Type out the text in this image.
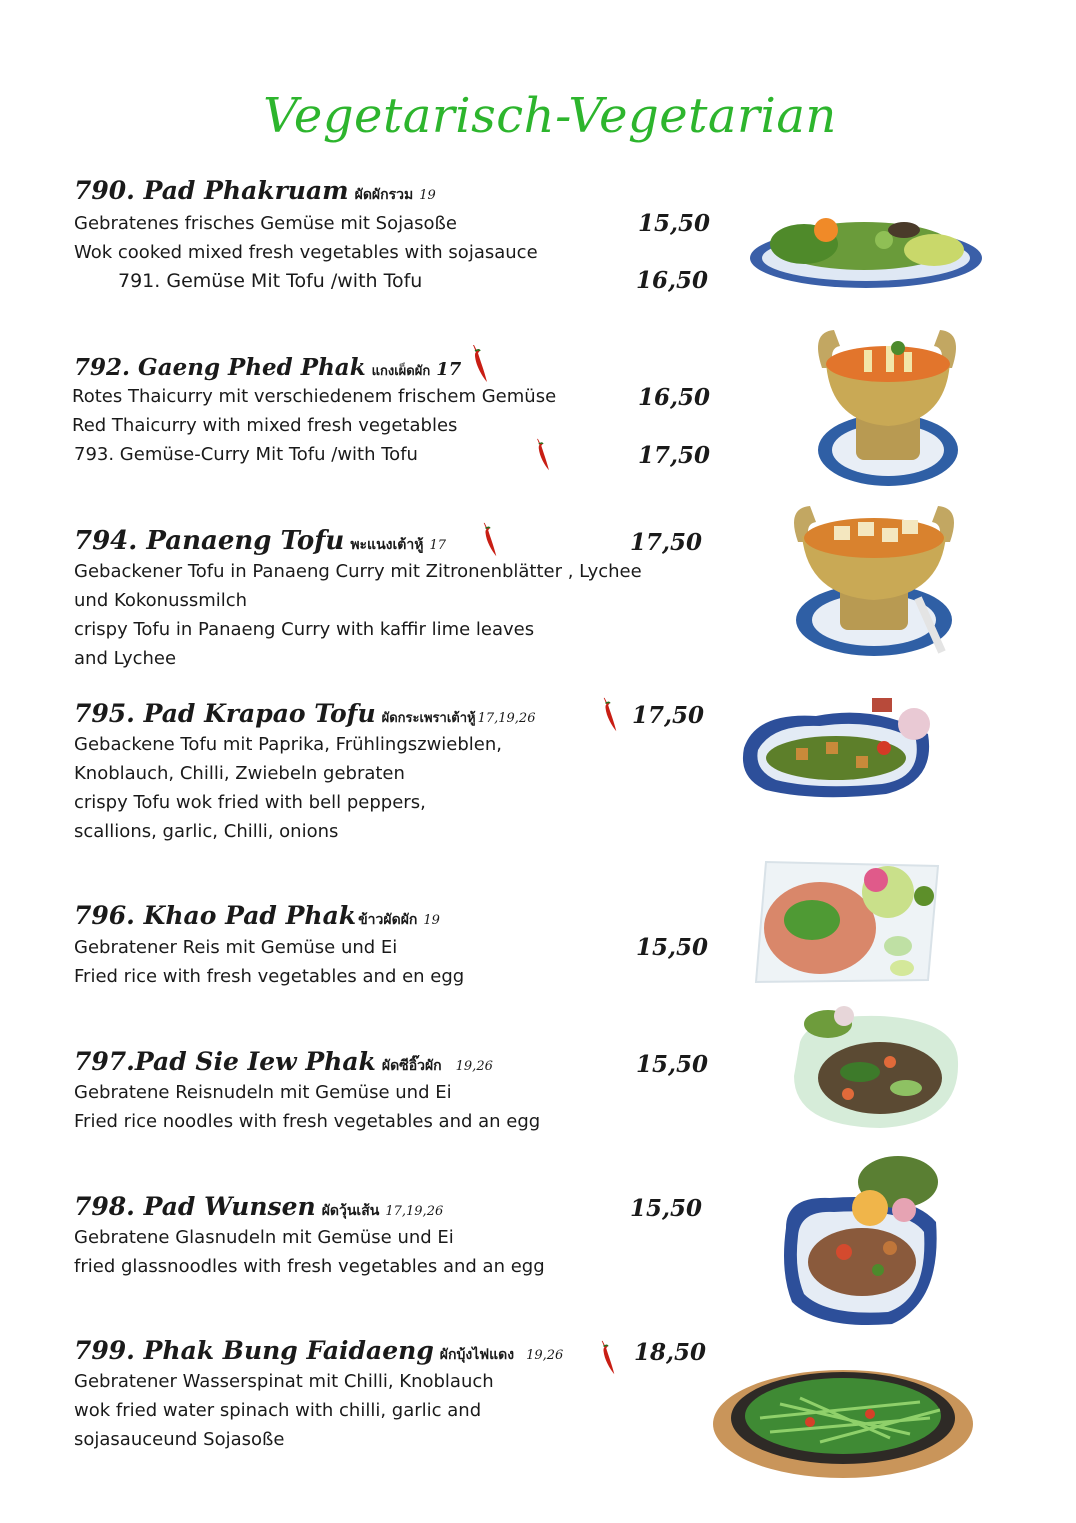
Vegetarisch-Vegetarian
790. Pad Phakruam ผัดผักรวม 19
15,50
Gebratenes frisches Gemüse mit Sojasoße
Wok cooked mixed fresh vegetables with sojasauce
791. Gemüse Mit Tofu /with Tofu	16,50
792. Gaeng Phed Phak แกงเผ็ดผัก 17
16,50
Rotes Thaicurry mit verschiedenem frischem Gemüse
Red Thaicurry with mixed fresh vegetables
793. Gemüse-Curry Mit Tofu /with Tofu	17,50
794. Panaeng Tofu พะแนงเต้าหู้ 17	17,50
Gebackener Tofu in Panaeng Curry mit Zitronenblätter , Lychee
und Kokonussmilch
crispy Tofu in Panaeng Curry with kaffir lime leaves
and Lychee
795. Pad Krapao Tofu ผัดกระเพราเต้าหู้ 17,19,26	17,50
Gebackene Tofu mit Paprika, Frühlingszwieblen,
Knoblauch, Chilli, Zwiebeln gebraten
crispy Tofu wok fried with bell peppers,
scallions, garlic, Chilli, onions
796. Khao Pad Phak ข้าวผัดผัก 19
15,50
Gebratener Reis mit Gemüse und Ei
Fried rice with fresh vegetables and en egg
797.Pad Sie Iew Phak ผัดซีอิ๊วผัก 19,26	15,50
Gebratene Reisnudeln mit Gemüse und Ei
Fried rice noodles with fresh vegetables and an egg
798. Pad Wunsen ผัดวุ้นเส้น 17,19,26	15,50
Gebratene Glasnudeln mit Gemüse und Ei
fried glassnoodles with fresh vegetables and an egg
799. Phak Bung Faidaeng ผักบุ้งไฟแดง 19,26	18,50
Gebratener Wasserspinat mit Chilli, Knoblauch
wok fried water spinach with chilli, garlic and
sojasauceund Sojasoße
